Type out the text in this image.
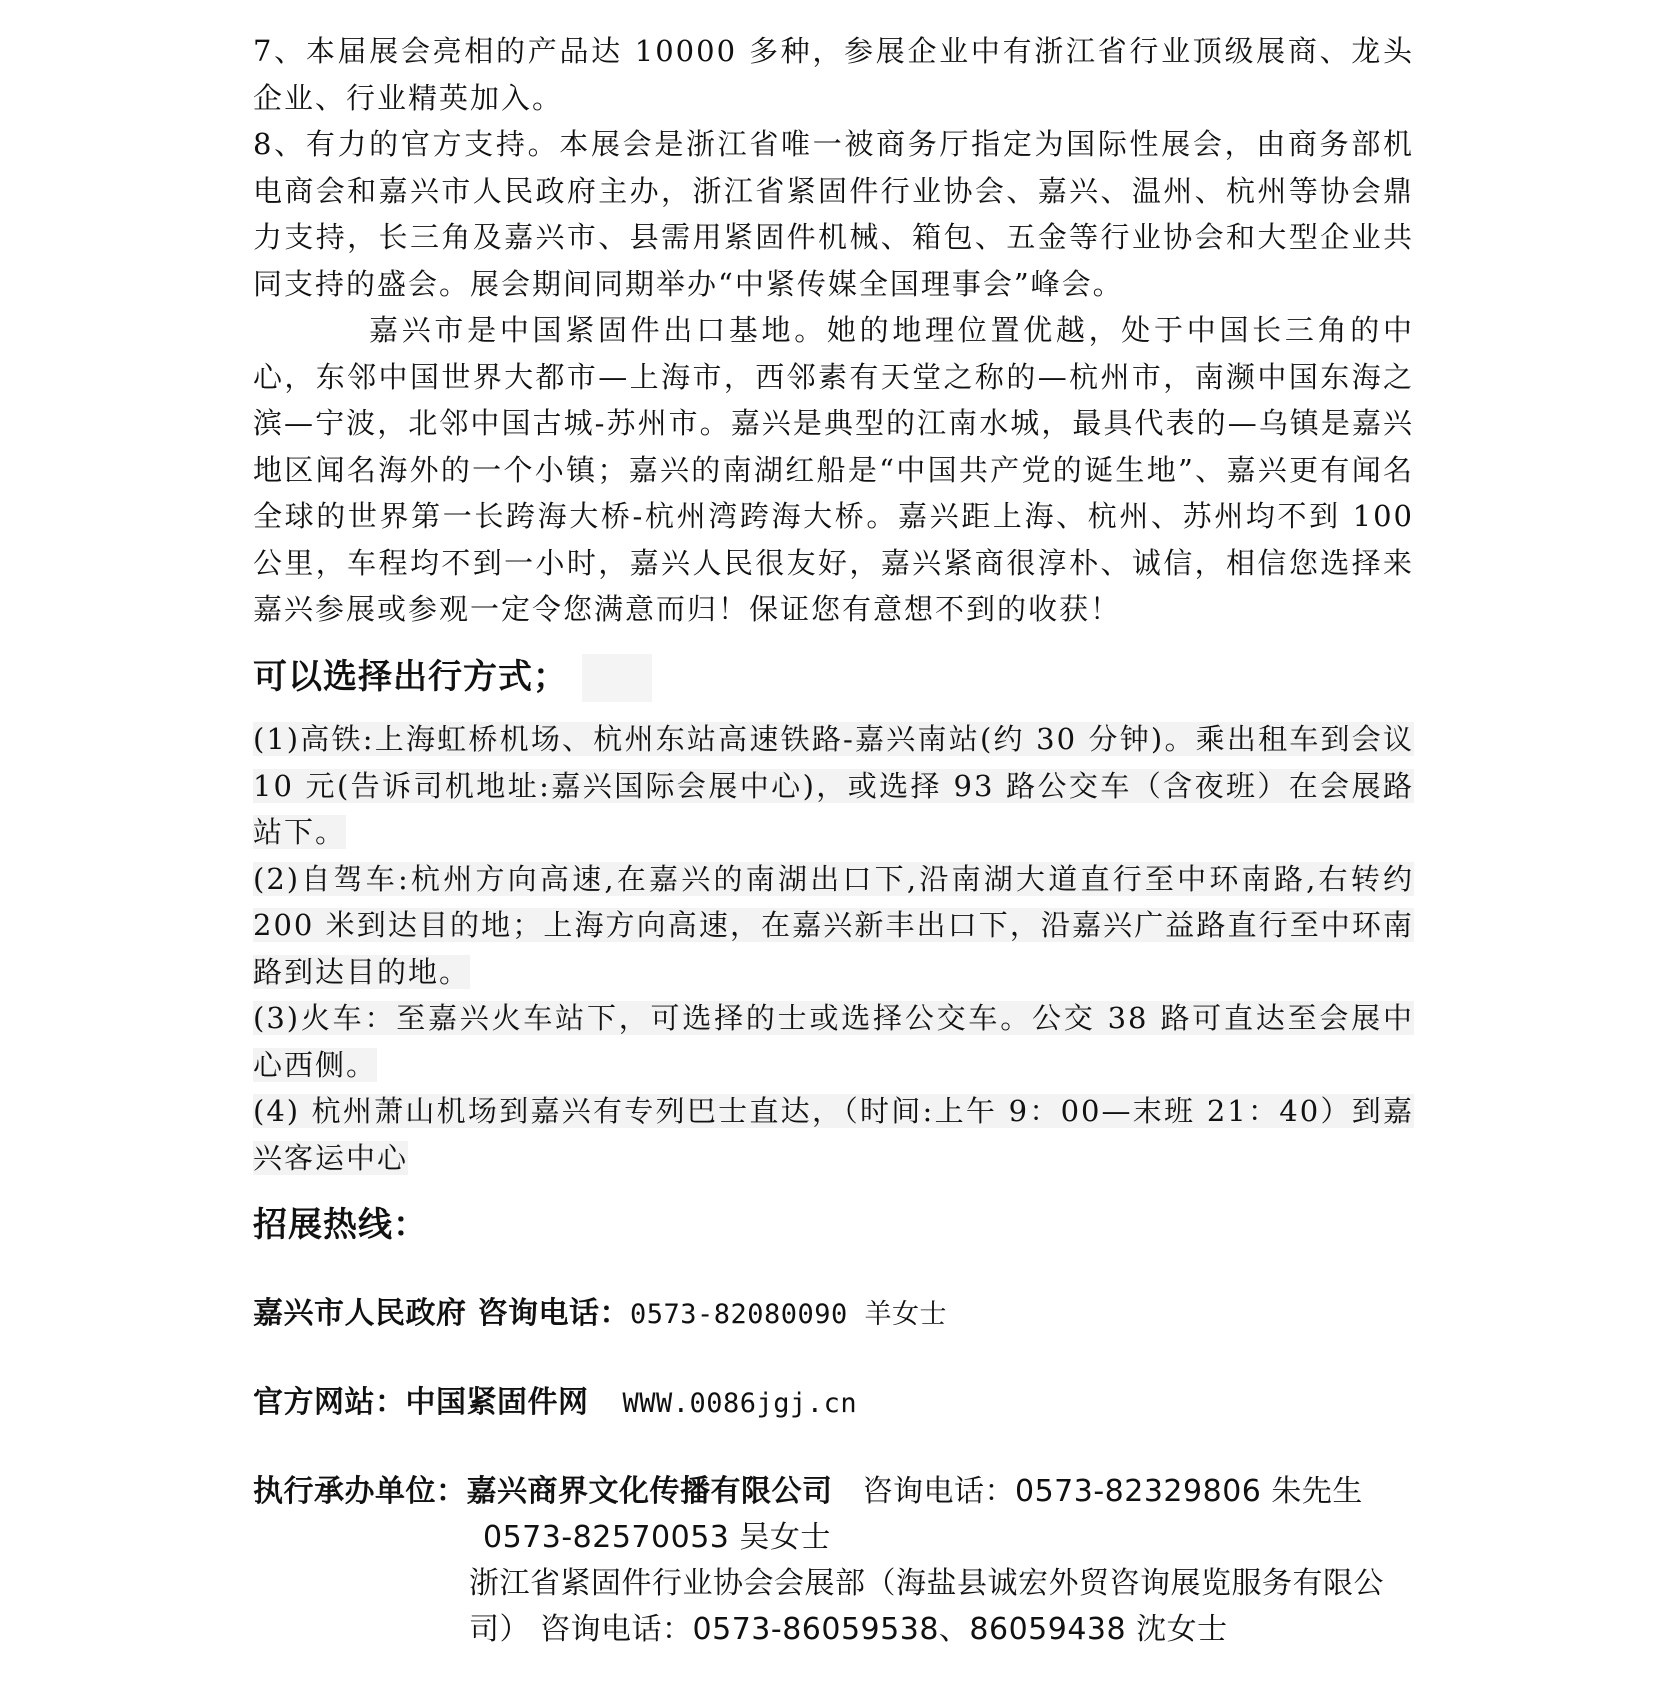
7、本届展会亮相的产品达 10000 多种，参展企业中有浙江省行业顶级展商、龙头企业、行业精英加入。

8、有力的官方支持。本展会是浙江省唯一被商务厅指定为国际性展会，由商务部机电商会和嘉兴市人民政府主办，浙江省紧固件行业协会、嘉兴、温州、杭州等协会鼎力支持，长三角及嘉兴市、县需用紧固件机械、箱包、五金等行业协会和大型企业共同支持的盛会。展会期间同期举办“中紧传媒全国理事会”峰会。

嘉兴市是中国紧固件出口基地。她的地理位置优越，处于中国长三角的中心，东邻中国世界大都市—上海市，西邻素有天堂之称的—杭州市，南濒中国东海之滨—宁波，北邻中国古城-苏州市。嘉兴是典型的江南水城，最具代表的—乌镇是嘉兴地区闻名海外的一个小镇；嘉兴的南湖红船是“中国共产党的诞生地”、嘉兴更有闻名全球的世界第一长跨海大桥-杭州湾跨海大桥。嘉兴距上海、杭州、苏州均不到 100 公里，车程均不到一小时，嘉兴人民很友好，嘉兴紧商很淳朴、诚信，相信您选择来嘉兴参展或参观一定令您满意而归！保证您有意想不到的收获！

可以选择出行方式；

(1)高铁:上海虹桥机场、杭州东站高速铁路-嘉兴南站(约 30 分钟)。乘出租车到会议 10 元(告诉司机地址:嘉兴国际会展中心)，或选择 93 路公交车（含夜班）在会展路站下。

(2)自驾车:杭州方向高速,在嘉兴的南湖出口下,沿南湖大道直行至中环南路,右转约 200 米到达目的地；上海方向高速，在嘉兴新丰出口下，沿嘉兴广益路直行至中环南路到达目的地。

(3)火车：至嘉兴火车站下，可选择的士或选择公交车。公交 38 路可直达至会展中心西侧。

(4) 杭州萧山机场到嘉兴有专列巴士直达，（时间:上午 9：00—末班 21：40）到嘉兴客运中心

招展热线：

嘉兴市人民政府 咨询电话：0573-82080090 羊女士

官方网站：中国紧固件网 WWW.0086jgj.cn

执行承办单位：嘉兴商界文化传播有限公司 咨询电话：0573-82329806 朱先生

0573-82570053 吴女士

浙江省紧固件行业协会会展部（海盐县诚宏外贸咨询展览服务有限公司） 咨询电话：0573-86059538、86059438 沈女士
